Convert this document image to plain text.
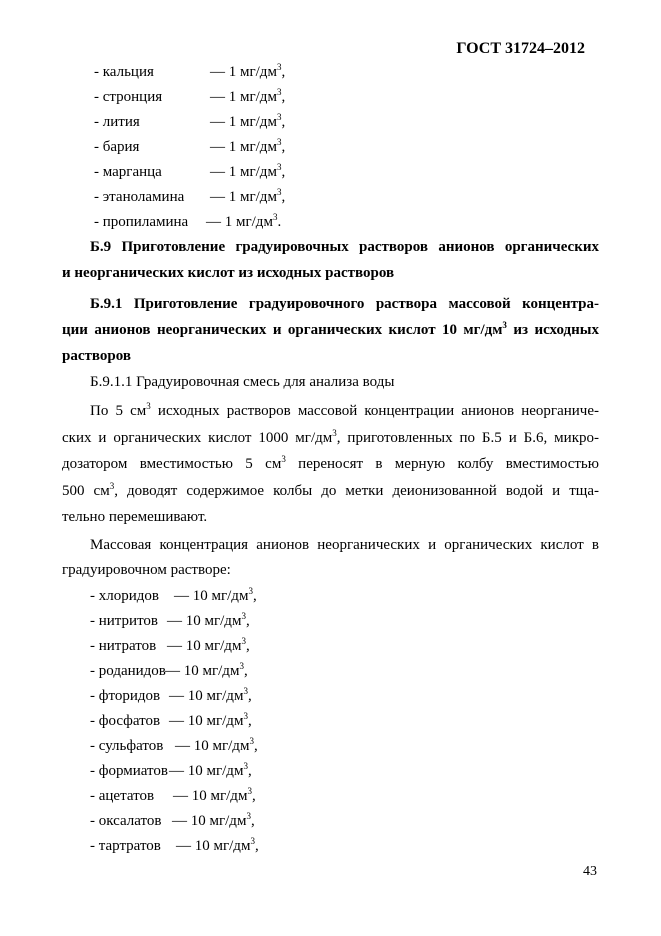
ГОСТ 31724–2012
- кальция	— 1 $мг/дм^3$,
- стронция	— 1 $мг/дм^3$,
- лития	— 1 $мг/дм^3$,
- бария	— 1 $мг/дм^3$,
- марганца	— 1 $мг/дм^3$,
- этаноламина — 1 $мг/дм^3$,
- пропиламина — 1 $мг/дм^3$.
Б.9 Приготовление градуировочных растворов анионов органических
и неорганических кислот из исходных растворов
Б.9.1 Приготовление градуировочного раствора массовой концентра-
ции анионов неорганических и органических кислот 10 $мг/дм^3$ из исходных
растворов
Б.9.1.1 Градуировочная смесь для анализа воды
По 5 $см^3$ исходных растворов массовой концентрации анионов неорганиче-
ских и органических кислот 1000 $мг/дм^3$, приготовленных по Б.5 и Б.6, микро-
дозатором вместимостью 5 $см^3$ переносят в мерную колбу вместимостью
500 $см^3$, доводят содержимое колбы до метки деионизованной водой и тща-
тельно перемешивают.
Массовая концентрация анионов неорганических и органических кислот в
градуировочном растворе:
- хлоридов — 10 $мг/дм^3$,
- нитритов — 10 $мг/дм^3$,
- нитратов — 10 $мг/дм^3$,
- роданидов— 10 $мг/дм^3$,
- фторидов — 10 $мг/дм^3$,
- фосфатов — 10 $мг/дм^3$,
- сульфатов — 10 $мг/дм^3$,
- формиатов— 10 $мг/дм^3$,
- ацетатов — 10 $мг/дм^3$,
- оксалатов — 10 $мг/дм^3$,
- тартратов — 10 $мг/дм^3$,
43
